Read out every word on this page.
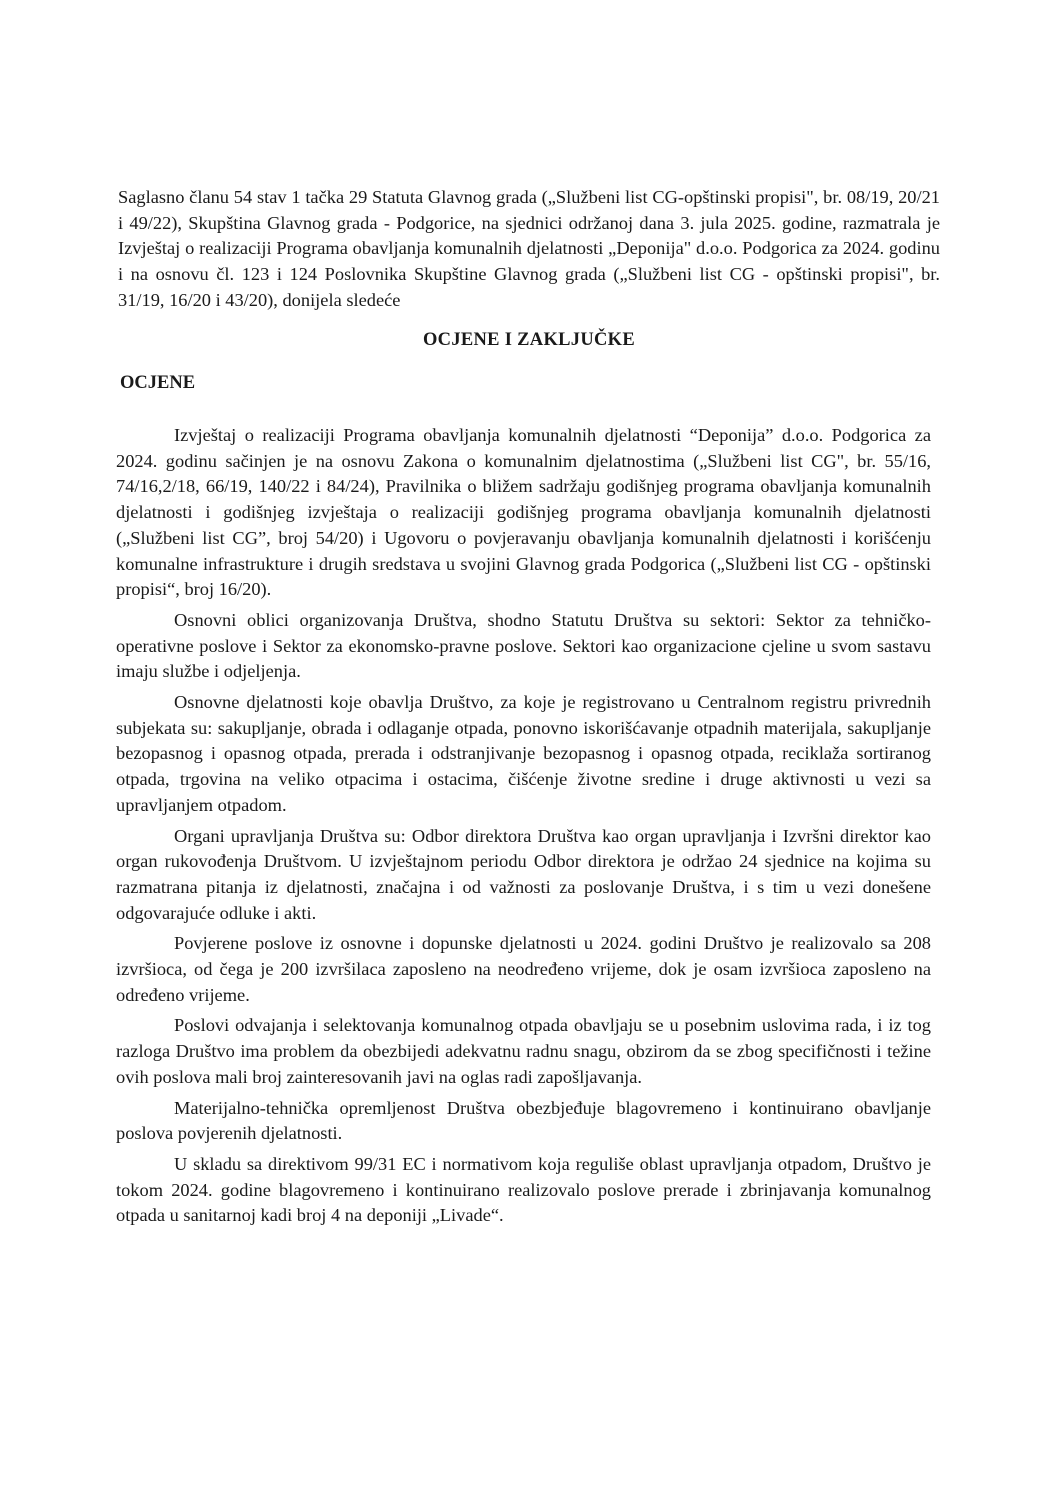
Saglasno članu 54 stav 1 tačka 29 Statuta Glavnog grada („Službeni list CG-opštinski propisi", br. 08/19, 20/21 i 49/22), Skupština Glavnog grada - Podgorice, na sjednici održanoj dana 3. jula 2025. godine, razmatrala je Izvještaj o realizaciji Programa obavljanja komunalnih djelatnosti „Deponija" d.o.o. Podgorica za 2024. godinu i na osnovu čl. 123 i 124 Poslovnika Skupštine Glavnog grada („Službeni list CG - opštinski propisi", br. 31/19, 16/20 i 43/20), donijela sledeće
OCJENE I ZAKLJUČKE
OCJENE

Izvještaj o realizaciji Programa obavljanja komunalnih djelatnosti “Deponija” d.o.o. Podgorica za 2024. godinu sačinjen je na osnovu Zakona o komunalnim djelatnostima („Službeni list CG", br. 55/16, 74/16,2/18, 66/19, 140/22 i 84/24), Pravilnika o bližem sadržaju godišnjeg programa obavljanja komunalnih djelatnosti i godišnjeg izvještaja o realizaciji godišnjeg programa obavljanja komunalnih djelatnosti („Službeni list CG”, broj 54/20) i Ugovoru o povjeravanju obavljanja komunalnih djelatnosti i korišćenju komunalne infrastrukture i drugih sredstava u svojini Glavnog grada Podgorica („Službeni list CG - opštinski propisi“, broj 16/20).

Osnovni oblici organizovanja Društva, shodno Statutu Društva su sektori: Sektor za tehničko-operativne poslove i Sektor za ekonomsko-pravne poslove. Sektori kao organizacione cjeline u svom sastavu imaju službe i odjeljenja.

Osnovne djelatnosti koje obavlja Društvo, za koje je registrovano u Centralnom registru privrednih subjekata su: sakupljanje, obrada i odlaganje otpada, ponovno iskorišćavanje otpadnih materijala, sakupljanje bezopasnog i opasnog otpada, prerada i odstranjivanje bezopasnog i opasnog otpada, reciklaža sortiranog otpada, trgovina na veliko otpacima i ostacima, čišćenje životne sredine i druge aktivnosti u vezi sa upravljanjem otpadom.

Organi upravljanja Društva su: Odbor direktora Društva kao organ upravljanja i Izvršni direktor kao organ rukovođenja Društvom. U izvještajnom periodu Odbor direktora je održao 24 sjednice na kojima su razmatrana pitanja iz djelatnosti, značajna i od važnosti za poslovanje Društva, i s tim u vezi donešene odgovarajuće odluke i akti.

Povjerene poslove iz osnovne i dopunske djelatnosti u 2024. godini Društvo je realizovalo sa 208 izvršioca, od čega je 200 izvršilaca zaposleno na neodređeno vrijeme, dok je osam izvršioca zaposleno na određeno vrijeme.

Poslovi odvajanja i selektovanja komunalnog otpada obavljaju se u posebnim uslovima rada, i iz tog razloga Društvo ima problem da obezbijedi adekvatnu radnu snagu, obzirom da se zbog specifičnosti i težine ovih poslova mali broj zainteresovanih javi na oglas radi zapošljavanja.

Materijalno-tehnička opremljenost Društva obezbjeđuje blagovremeno i kontinuirano obavljanje poslova povjerenih djelatnosti.

U skladu sa direktivom 99/31 EC i normativom koja reguliše oblast upravljanja otpadom, Društvo je tokom 2024. godine blagovremeno i kontinuirano realizovalo poslove prerade i zbrinjavanja komunalnog otpada u sanitarnoj kadi broj 4 na deponiji „Livade“.
